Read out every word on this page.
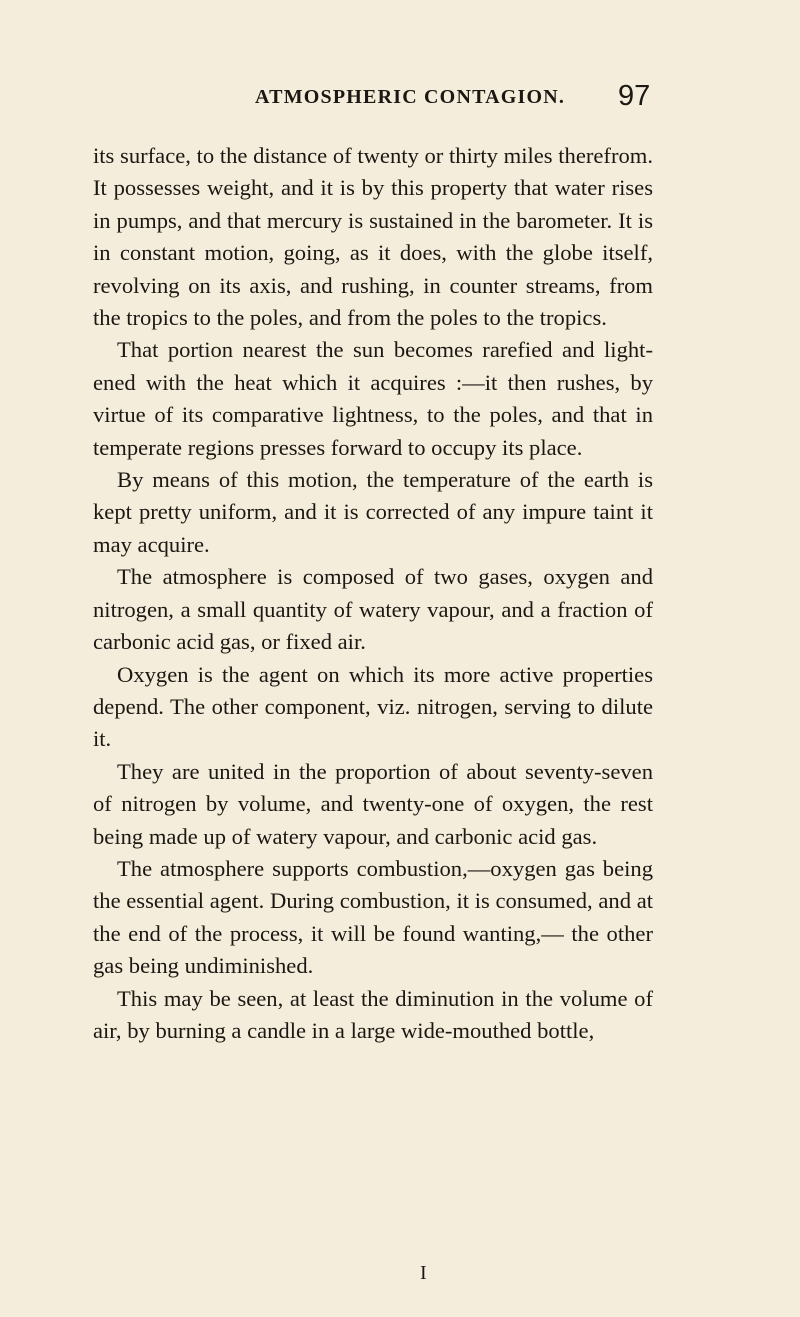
ATMOSPHERIC CONTAGION. 97

its surface, to the distance of twenty or thirty miles therefrom. It possesses weight, and it is by this property that water rises in pumps, and that mercury is sustained in the barometer. It is in constant motion, going, as it does, with the globe itself, revolving on its axis, and rushing, in counter streams, from the tropics to the poles, and from the poles to the tropics.

That portion nearest the sun becomes rarefied and lightened with the heat which it acquires :—it then rushes, by virtue of its comparative lightness, to the poles, and that in temperate regions presses forward to occupy its place.

By means of this motion, the temperature of the earth is kept pretty uniform, and it is corrected of any impure taint it may acquire.

The atmosphere is composed of two gases, oxygen and nitrogen, a small quantity of watery vapour, and a fraction of carbonic acid gas, or fixed air.

Oxygen is the agent on which its more active properties depend. The other component, viz. nitrogen, serving to dilute it.

They are united in the proportion of about seventy-seven of nitrogen by volume, and twenty-one of oxygen, the rest being made up of watery vapour, and carbonic acid gas.

The atmosphere supports combustion,—oxygen gas being the essential agent. During combustion, it is consumed, and at the end of the process, it will be found wanting,— the other gas being undiminished.

This may be seen, at least the diminution in the volume of air, by burning a candle in a large wide-mouthed bottle,

I
